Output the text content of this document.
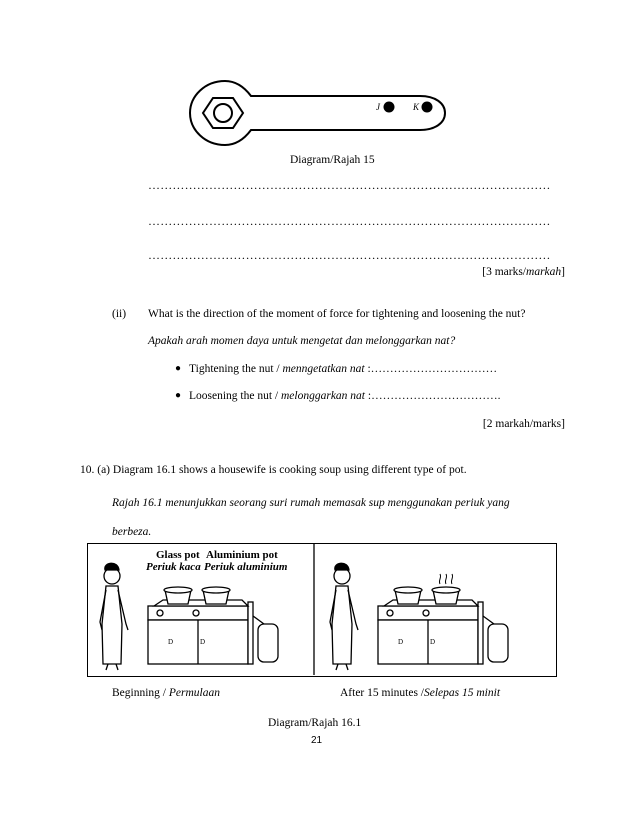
J	K
Diagram/Rajah 15
………………………………………………………………………………………
………………………………………………………………………………………
………………………………………………………………………………………
[3 marks/markah]
(ii) What is the direction of the moment of force for tightening and loosening the nut?
Apakah arah momen daya untuk mengetat dan melonggarkan nat?
● Tightening the nut / menngetatkan nat :……………………………
● Loosening the nut / melonggarkan nat :…………………………….
[2 markah/marks]
10. (a) Diagram 16.1 shows a housewife is cooking soup using different type of pot.
Rajah 16.1 menunjukkan seorang suri rumah memasak sup menggunakan periuk yang
berbeza.
D	D
Glass pot
Periuk kaca
Aluminium pot
Periuk aluminium
D	D
Beginning / Permulaan	After 15 minutes /Selepas 15 minit
Diagram/Rajah 16.1
21
